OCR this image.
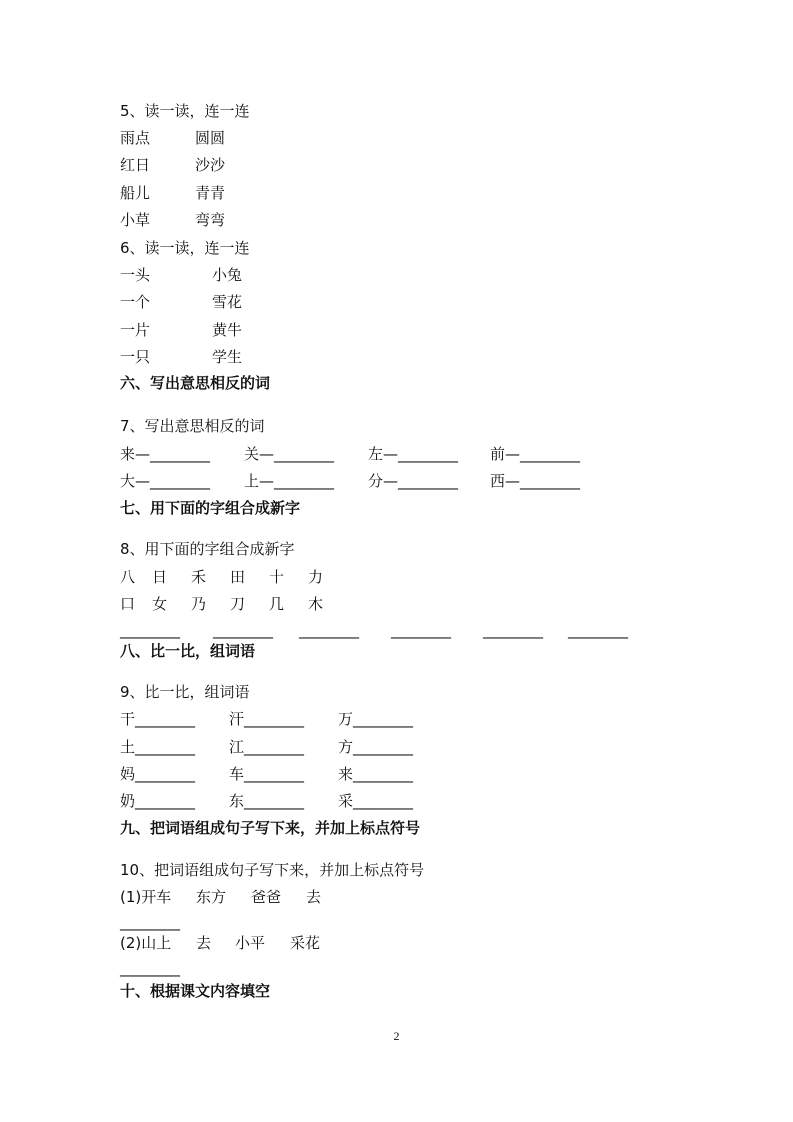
5、读一读，连一连
雨点	圆圆
红日	沙沙
船儿	青青
小草	弯弯
6、读一读，连一连
一头	小兔
一个	雪花
一片	黄牛
一只	学生
六、写出意思相反的词
7、写出意思相反的词
来—________ 关—________ 左—________ 前—________
大—________ 上—________ 分—________ 西—________
七、用下面的字组合成新字
8、用下面的字组合成新字
八 日 禾 田 十 力
口 女 乃 刀 几 木
________ ________ ________ ________ ________ ________
八、比一比，组词语
9、比一比，组词语
干________ 汗________ 万________
土________ 江________ 方________
妈________ 车________ 来________
奶________ 东________ 采________
九、把词语组成句子写下来，并加上标点符号
10、把词语组成句子写下来，并加上标点符号
(1)开车 东方 爸爸 去
________
(2)山上 去 小平 采花
________
十、根据课文内容填空
2
